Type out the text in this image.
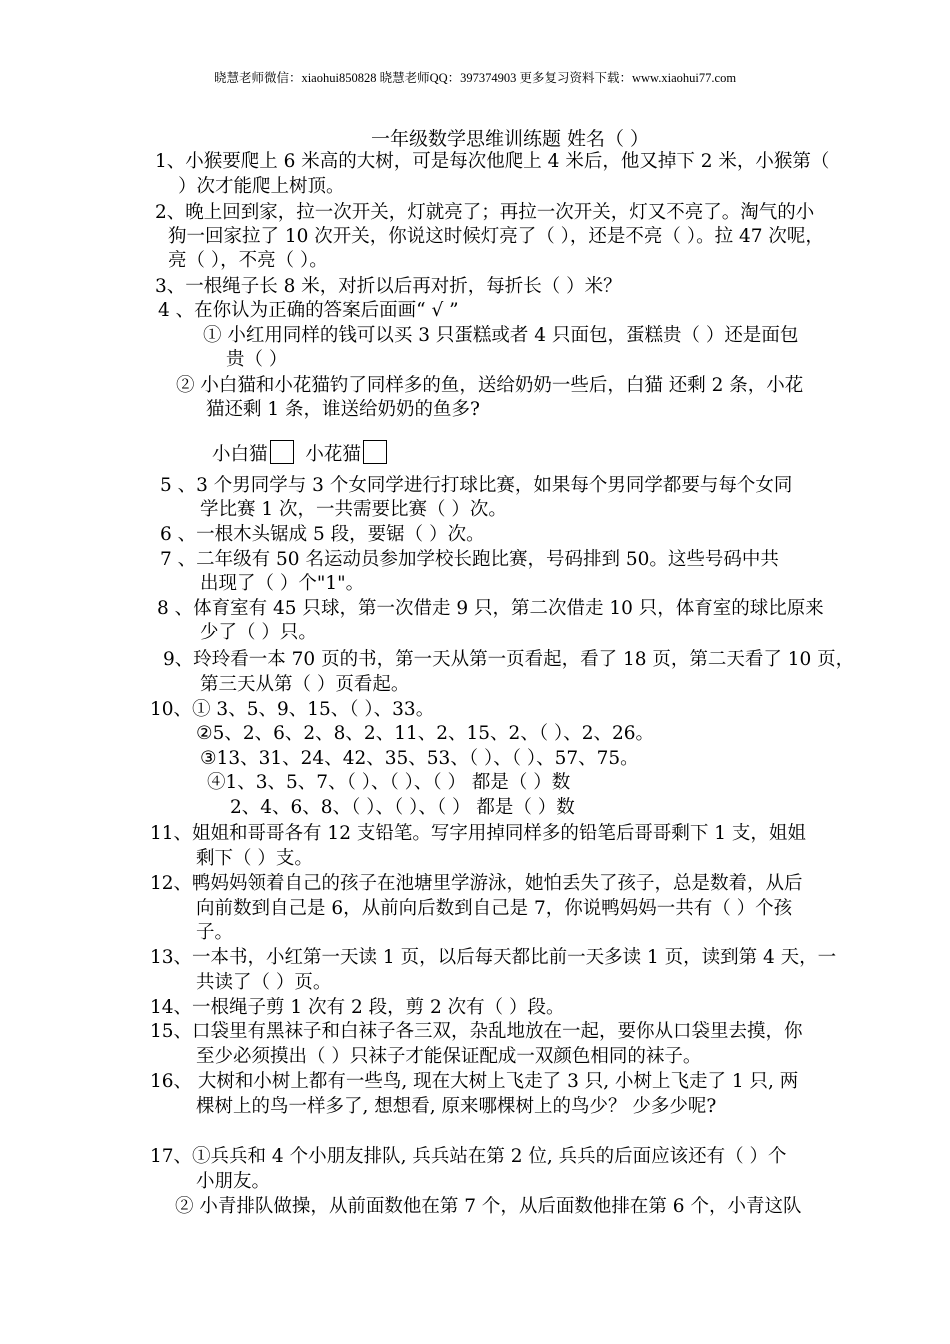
晓慧老师微信：xiaohui850828 晓慧老师QQ：397374903 更多复习资料下载：www.xiaohui77.com
一年级数学思维训练题 姓名（ ）
1、小猴要爬上 6 米高的大树，可是每次他爬上 4 米后，他又掉下 2 米，小猴第（
）次才能爬上树顶。
2、晚上回到家，拉一次开关，灯就亮了；再拉一次开关，灯又不亮了。淘气的小
狗一回家拉了 10 次开关，你说这时候灯亮了（ ），还是不亮（ ）。拉 47 次呢，
亮（ ），不亮（ ）。
3、一根绳子长 8 米，对折以后再对折，每折长（ ）米？
4 、在你认为正确的答案后面画“ √ ”
① 小红用同样的钱可以买 3 只蛋糕或者 4 只面包，蛋糕贵（ ）还是面包
贵（ ）
② 小白猫和小花猫钓了同样多的鱼，送给奶奶一些后，白猫 还剩 2 条，小花
猫还剩 1 条，谁送给奶奶的鱼多?
小白猫 小花猫
5 、3 个男同学与 3 个女同学进行打球比赛，如果每个男同学都要与每个女同
学比赛 1 次，一共需要比赛（ ）次。
6 、一根木头锯成 5 段，要锯（ ）次。
7 、二年级有 50 名运动员参加学校长跑比赛，号码排到 50。这些号码中共
出现了（ ）个"1"。
8 、体育室有 45 只球，第一次借走 9 只，第二次借走 10 只，体育室的球比原来
少了（ ）只。
9、玲玲看一本 70 页的书，第一天从第一页看起，看了 18 页，第二天看了 10 页，
第三天从第（ ）页看起。
10、① 3、5、9、15、（ ）、33。
②5、2、6、2、8、2、11、2、15、2、（ ）、2、26。
③13、31、24、42、35、53、（ ）、（ ）、57、75。
④1、3、5、7、（ ）、（ ）、（ ） 都是（ ）数
2、4、6、8、（ ）、（ ）、（ ） 都是（ ）数
11、姐姐和哥哥各有 12 支铅笔。写字用掉同样多的铅笔后哥哥剩下 1 支，姐姐
剩下（ ）支。
12、鸭妈妈领着自己的孩子在池塘里学游泳，她怕丢失了孩子，总是数着，从后
向前数到自己是 6，从前向后数到自己是 7，你说鸭妈妈一共有（ ）个孩
子。
13、一本书，小红第一天读 1 页，以后每天都比前一天多读 1 页，读到第 4 天，一
共读了（ ）页。
14、一根绳子剪 1 次有 2 段，剪 2 次有（ ）段。
15、口袋里有黑袜子和白袜子各三双，杂乱地放在一起，要你从口袋里去摸，你
至少必须摸出（ ）只袜子才能保证配成一双颜色相同的袜子。
16、 大树和小树上都有一些鸟, 现在大树上飞走了 3 只, 小树上飞走了 1 只, 两
棵树上的鸟一样多了, 想想看, 原来哪棵树上的鸟少？ 少多少呢?
17、①兵兵和 4 个小朋友排队, 兵兵站在第 2 位, 兵兵的后面应该还有（ ）个
小朋友。
② 小青排队做操，从前面数他在第 7 个，从后面数他排在第 6 个，小青这队
